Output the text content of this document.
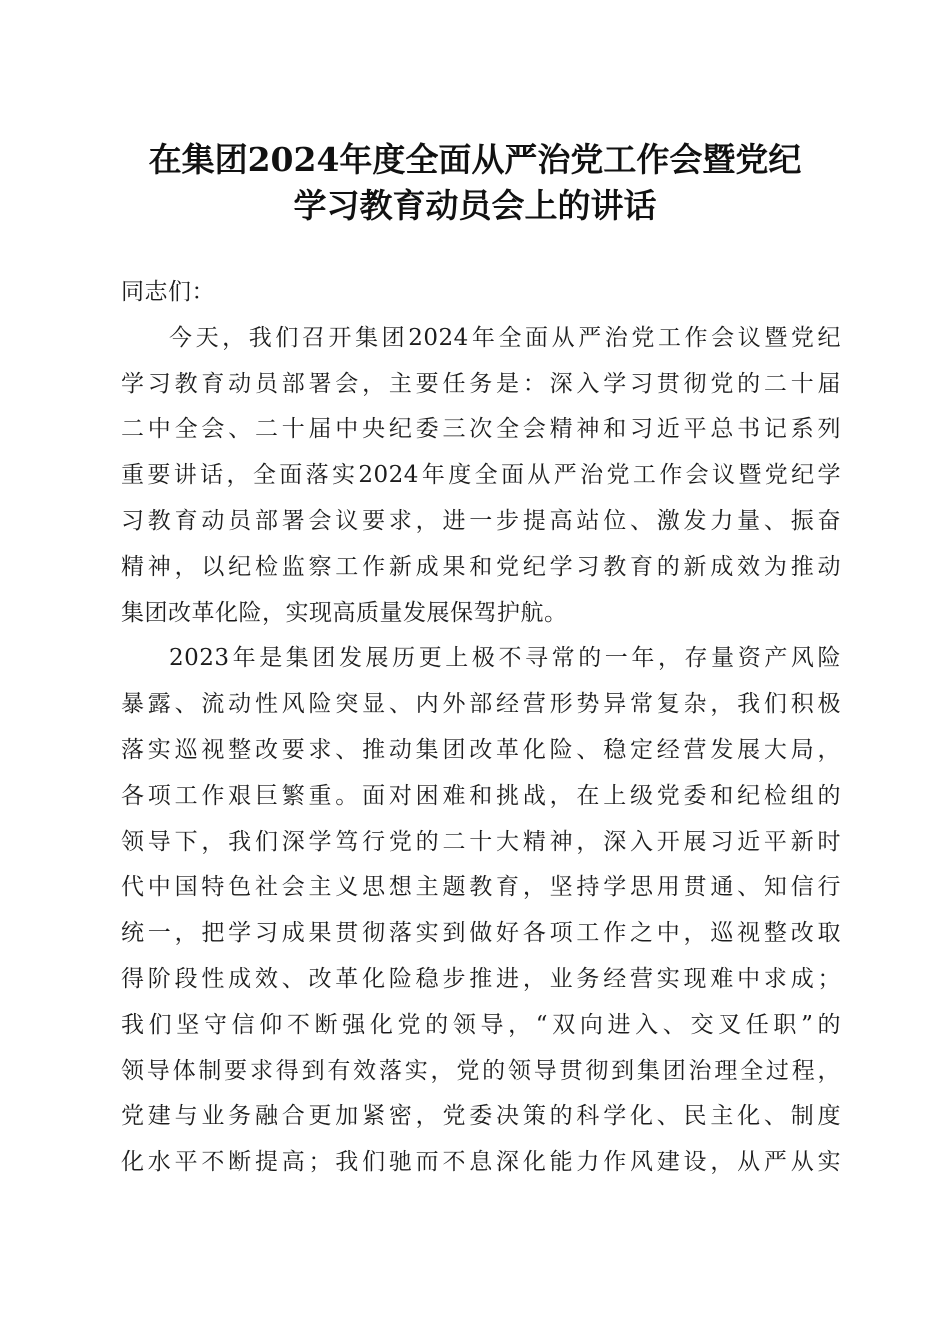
在集团2024年度全面从严治党工作会暨党纪
学习教育动员会上的讲话
同志们：
今天，我们召开集团2024年全面从严治党工作会议暨党纪
学习教育动员部署会，主要任务是：深入学习贯彻党的二十届
二中全会、二十届中央纪委三次全会精神和习近平总书记系列
重要讲话，全面落实2024年度全面从严治党工作会议暨党纪学
习教育动员部署会议要求，进一步提高站位、激发力量、振奋
精神，以纪检监察工作新成果和党纪学习教育的新成效为推动
集团改革化险，实现高质量发展保驾护航。
2023年是集团发展历更上极不寻常的一年，存量资产风险
暴露、流动性风险突显、内外部经营形势异常复杂，我们积极
落实巡视整改要求、推动集团改革化险、稳定经营发展大局，
各项工作艰巨繁重。面对困难和挑战，在上级党委和纪检组的
领导下，我们深学笃行党的二十大精神，深入开展习近平新时
代中国特色社会主义思想主题教育，坚持学思用贯通、知信行
统一，把学习成果贯彻落实到做好各项工作之中，巡视整改取
得阶段性成效、改革化险稳步推进，业务经营实现难中求成；
我们坚守信仰不断强化党的领导，“双向进入、交叉任职”的
领导体制要求得到有效落实，党的领导贯彻到集团治理全过程，
党建与业务融合更加紧密，党委决策的科学化、民主化、制度
化水平不断提高；我们驰而不息深化能力作风建设，从严从实
